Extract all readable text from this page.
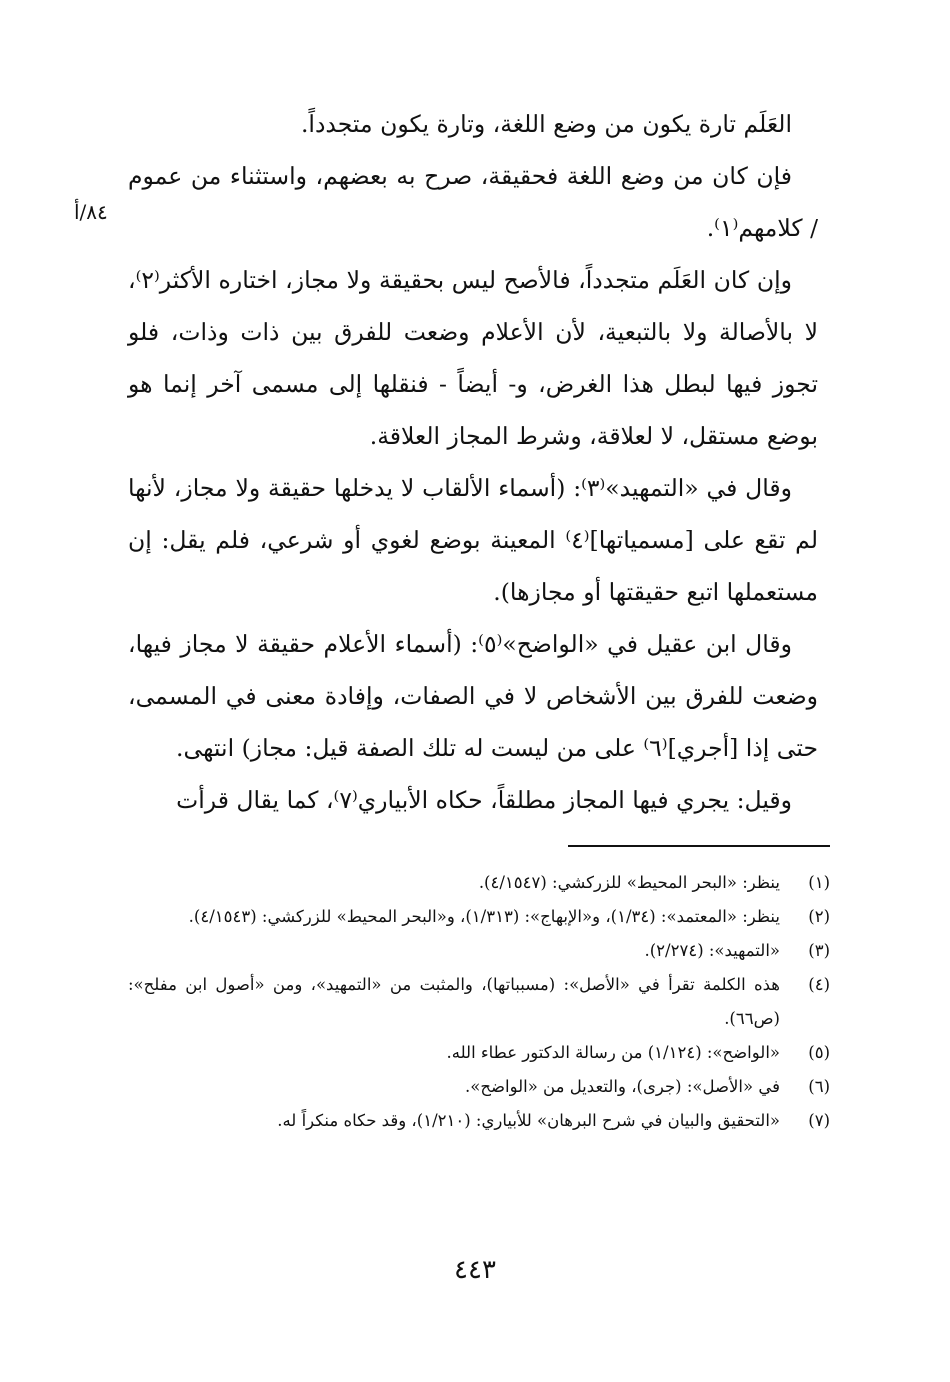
٨٤/أ

العَلَم تارة يكون من وضع اللغة، وتارة يكون متجدداً.

فإن كان من وضع اللغة فحقيقة، صرح به بعضهم، واستثناء من عموم / كلامهم⁽١⁾.

وإن كان العَلَم متجدداً، فالأصح ليس بحقيقة ولا مجاز، اختاره الأكثر⁽٢⁾، لا بالأصالة ولا بالتبعية، لأن الأعلام وضعت للفرق بين ذات وذات، فلو تجوز فيها لبطل هذا الغرض، و- أيضاً - فنقلها إلى مسمى آخر إنما هو بوضع مستقل، لا لعلاقة، وشرط المجاز العلاقة.

وقال في «التمهيد»⁽٣⁾: (أسماء الألقاب لا يدخلها حقيقة ولا مجاز، لأنها لم تقع على [مسمياتها]⁽٤⁾ المعينة بوضع لغوي أو شرعي، فلم يقل: إن مستعملها اتبع حقيقتها أو مجازها).

وقال ابن عقيل في «الواضح»⁽٥⁾: (أسماء الأعلام حقيقة لا مجاز فيها، وضعت للفرق بين الأشخاص لا في الصفات، وإفادة معنى في المسمى، حتى إذا [أجري]⁽٦⁾ على من ليست له تلك الصفة قيل: مجاز) انتهى.

وقيل: يجري فيها المجاز مطلقاً، حكاه الأبياري⁽٧⁾، كما يقال قرأت

(١)
ينظر: «البحر المحيط» للزركشي: (٤/١٥٤٧).
(٢)
ينظر: «المعتمد»: (١/٣٤)، و«الإبهاج»: (١/٣١٣)، و«البحر المحيط» للزركشي: (٤/١٥٤٣).
(٣)
«التمهيد»: (٢/٢٧٤).
(٤)
هذه الكلمة تقرأ في «الأصل»: (مسبباتها)، والمثبت من «التمهيد»، ومن «أصول ابن مفلح»: (ص٦٦).
(٥)
«الواضح»: (١/١٢٤) من رسالة الدكتور عطاء الله.
(٦)
في «الأصل»: (جرى)، والتعديل من «الواضح».
(٧)
«التحقيق والبيان في شرح البرهان» للأبياري: (١/٢١٠)، وقد حكاه منكراً له.
٤٤٣
